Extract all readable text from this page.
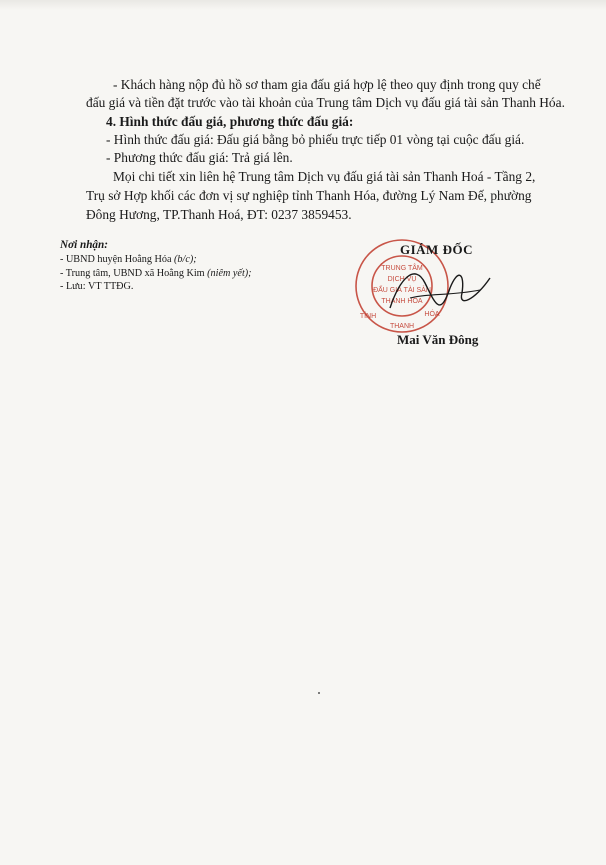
- Khách hàng nộp đủ hồ sơ tham gia đấu giá hợp lệ theo quy định trong quy chế
đấu giá và tiền đặt trước vào tài khoản của Trung tâm Dịch vụ đấu giá tài sản Thanh Hóa.
4. Hình thức đấu giá, phương thức đấu giá:
- Hình thức đấu giá: Đấu giá bằng bỏ phiếu trực tiếp 01 vòng tại cuộc đấu giá.
- Phương thức đấu giá: Trả giá lên.
Mọi chi tiết xin liên hệ Trung tâm Dịch vụ đấu giá tài sản Thanh Hoá - Tầng 2,
Trụ sở Hợp khối các đơn vị sự nghiệp tỉnh Thanh Hóa, đường Lý Nam Đế, phường
Đông Hương, TP.Thanh Hoá, ĐT: 0237 3859453.
Nơi nhận:
- UBND huyện Hoằng Hóa (b/c);
- Trung tâm, UBND xã Hoằng Kim (niêm yết);
- Lưu: VT TTĐG.
TRUNG TÂM
DỊCH VỤ
ĐẤU GIÁ TÀI SẢN
THANH HÓA
TỈNH
THANH
HÓA
GIÁM ĐỐC
Mai Văn Đông
